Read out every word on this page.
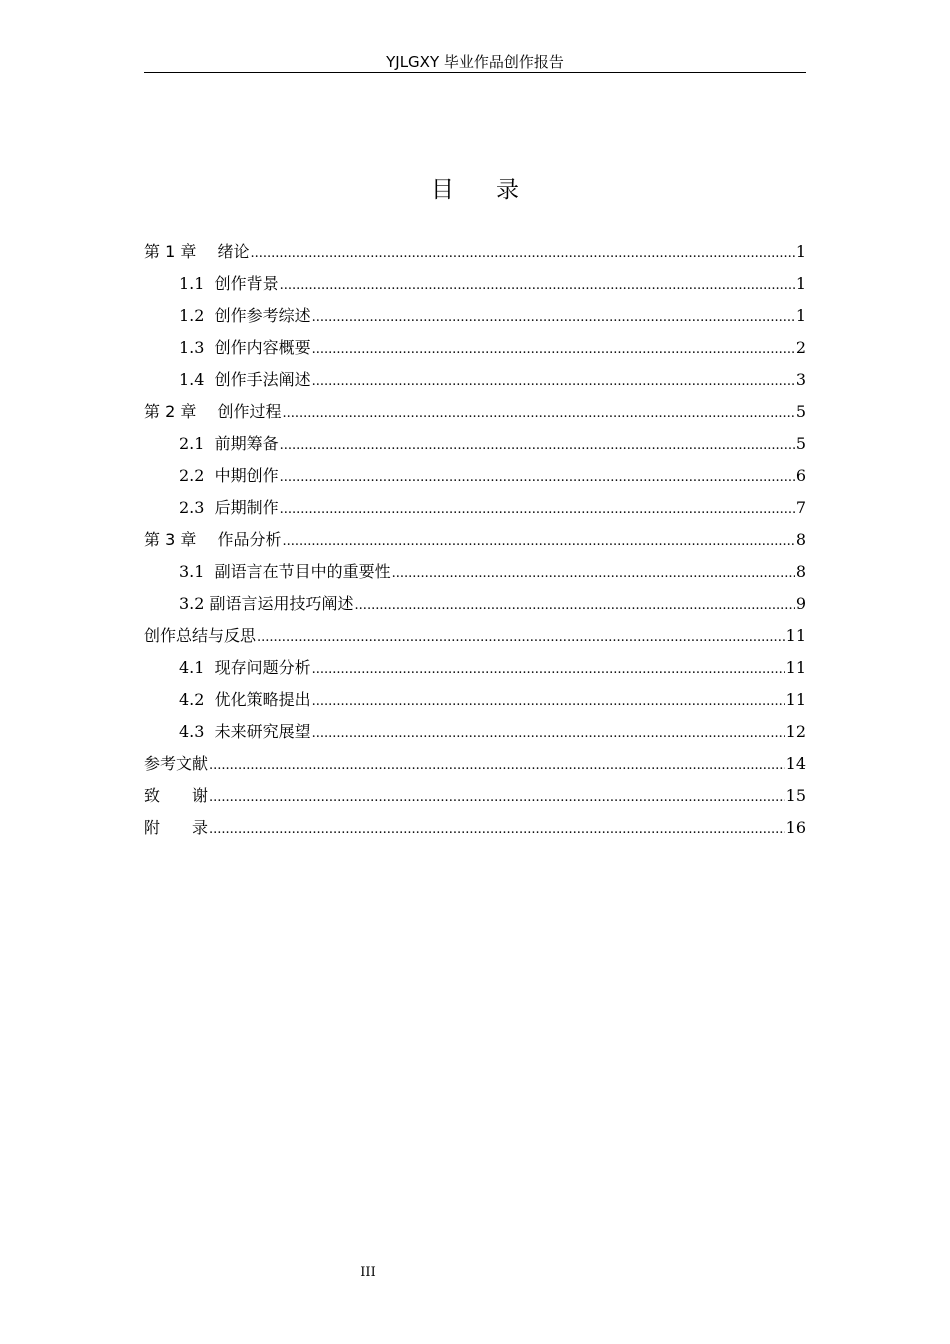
YJLGXY 毕业作品创作报告
目 录
第 1 章　 绪论 .....	1
1.1  创作背景 .....	1
1.2  创作参考综述 .....	1
1.3  创作内容概要 .....	2
1.4  创作手法阐述 .....	3
第 2 章　 创作过程 .....	5
2.1  前期筹备 .....	5
2.2  中期创作 .....	6
2.3  后期制作 .....	7
第 3 章　 作品分析 .....	8
3.1  副语言在节目中的重要性 .....	8
3.2 副语言运用技巧阐述 .....	9
创作总结与反思 .....	11
4.1  现存问题分析 .....	11
4.2  优化策略提出 .....	11
4.3  未来研究展望 .....	12
参考文献 .....	14
致　　谢 .....	15
附　　录 .....	16
III
